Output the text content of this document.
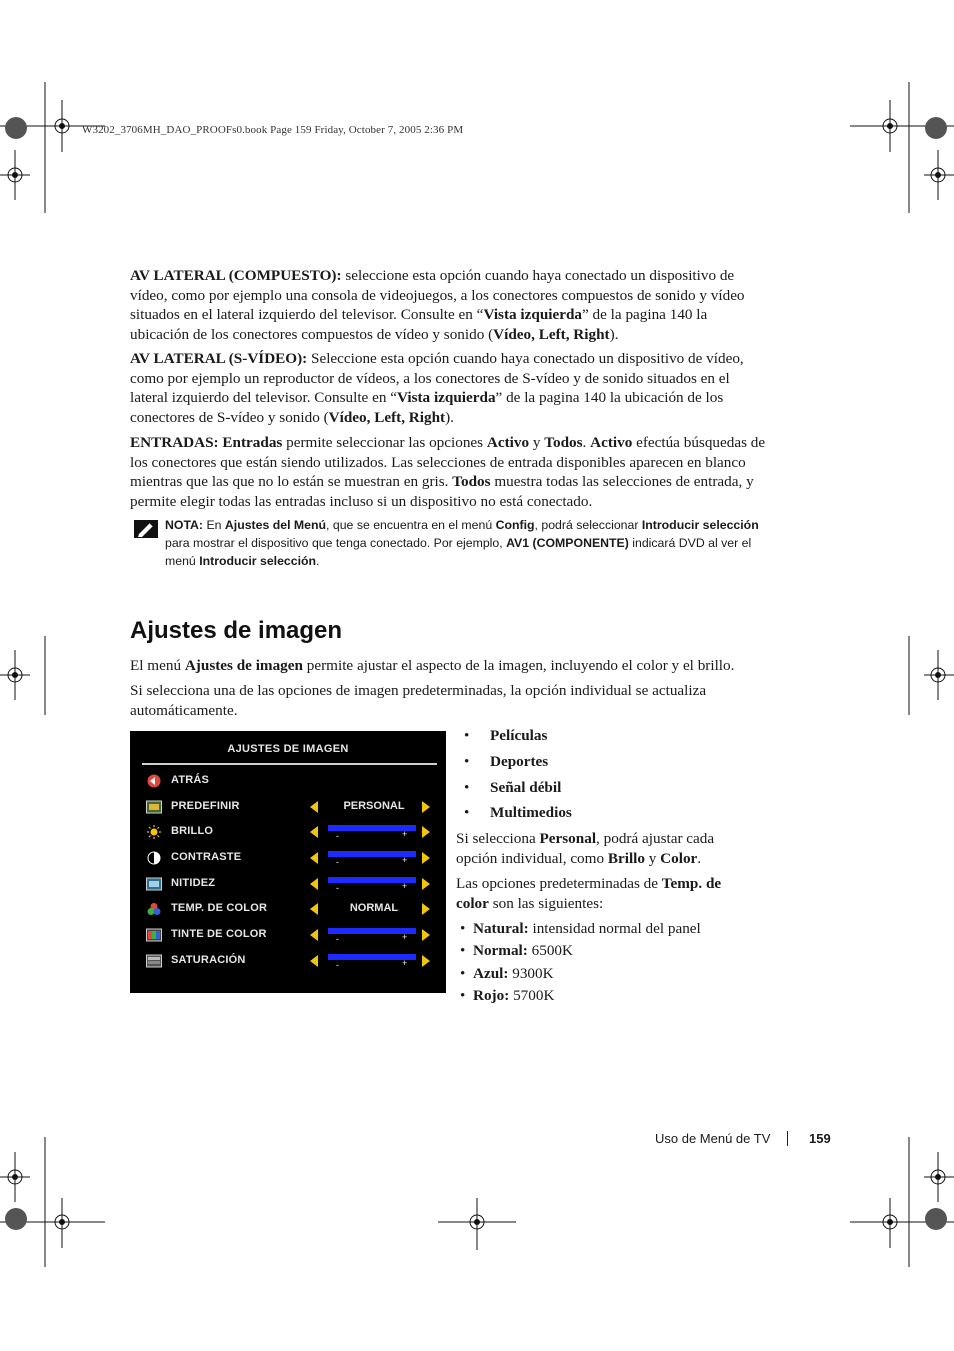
W3202_3706MH_DAO_PROOFs0.book Page 159 Friday, October 7, 2005 2:36 PM
AV LATERAL (COMPUESTO): seleccione esta opción cuando haya conectado un dispositivo de vídeo, como por ejemplo una consola de videojuegos, a los conectores compuestos de sonido y vídeo situados en el lateral izquierdo del televisor. Consulte en “Vista izquierda” de la pagina 140 la ubicación de los conectores compuestos de vídeo y sonido (Vídeo, Left, Right).
AV LATERAL (S-VÍDEO): Seleccione esta opción cuando haya conectado un dispositivo de vídeo, como por ejemplo un reproductor de vídeos, a los conectores de S-vídeo y de sonido situados en el lateral izquierdo del televisor. Consulte en “Vista izquierda” de la pagina 140 la ubicación de los conectores de S-vídeo y sonido (Vídeo, Left, Right).
ENTRADAS: Entradas permite seleccionar las opciones Activo y Todos. Activo efectúa búsquedas de los conectores que están siendo utilizados. Las selecciones de entrada disponibles aparecen en blanco mientras que las que no lo están se muestran en gris. Todos muestra todas las selecciones de entrada, y permite elegir todas las entradas incluso si un dispositivo no está conectado.
NOTA: En Ajustes del Menú, que se encuentra en el menú Config, podrá seleccionar Introducir selección para mostrar el dispositivo que tenga conectado. Por ejemplo, AV1 (COMPONENTE) indicará DVD al ver el menú Introducir selección.
Ajustes de imagen
El menú Ajustes de imagen permite ajustar el aspecto de la imagen, incluyendo el color y el brillo.
Si selecciona una de las opciones de imagen predeterminadas, la opción individual se actualiza automáticamente.
AJUSTES DE IMAGEN
ATRÁS
PREDEFINIR	PERSONAL
BRILLO	-	+
CONTRASTE	-	+
NITIDEZ	-	+
TEMP. DE COLOR	NORMAL
TINTE DE COLOR	-	+
SATURACIÓN	-	+
• Películas
• Deportes
• Señal débil
• Multimedios
Si selecciona Personal, podrá ajustar cada opción individual, como Brillo y Color.
Las opciones predeterminadas de Temp. de color son las siguientes:
• Natural: intensidad normal del panel
• Normal: 6500K
• Azul: 9300K
• Rojo: 5700K
Uso de Menú de TV	159
